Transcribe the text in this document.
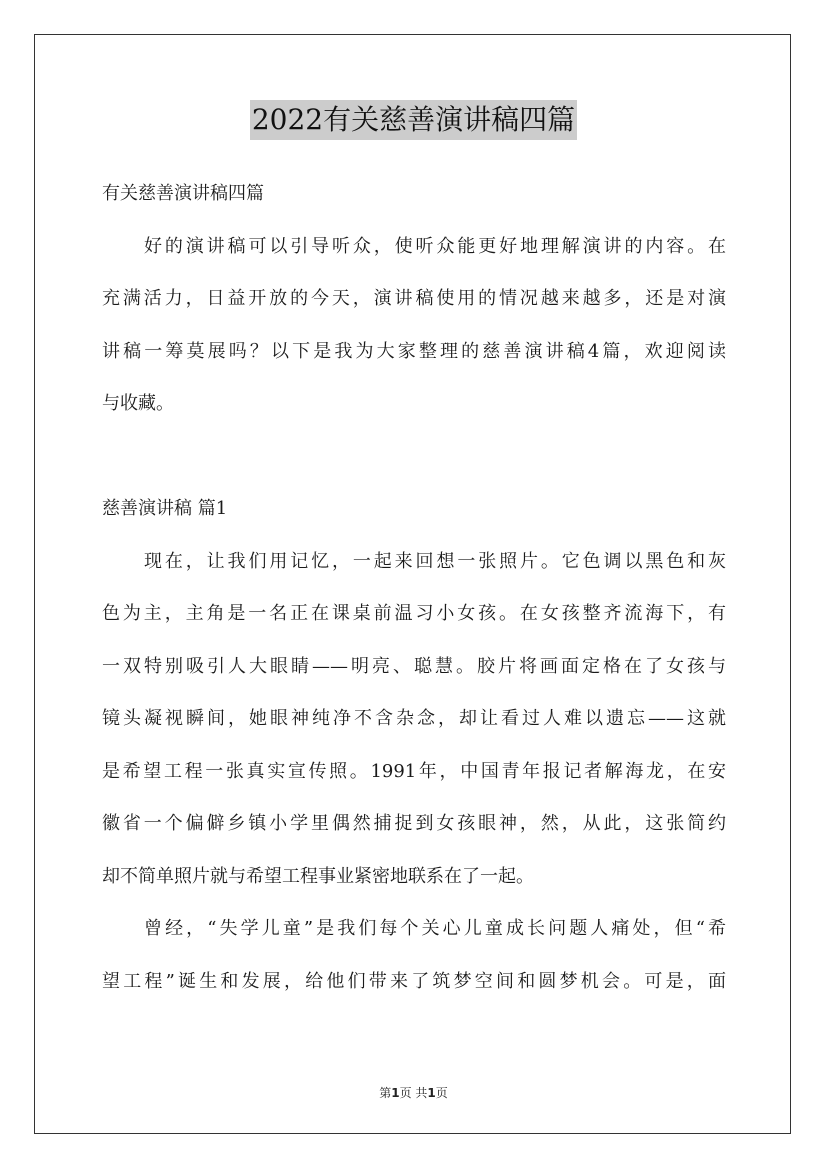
2022有关慈善演讲稿四篇
有关慈善演讲稿四篇
好的演讲稿可以引导听众，使听众能更好地理解演讲的内容。在
充满活力，日益开放的今天，演讲稿使用的情况越来越多，还是对演
讲稿一筹莫展吗？以下是我为大家整理的慈善演讲稿4篇，欢迎阅读
与收藏。
慈善演讲稿 篇1
现在，让我们用记忆，一起来回想一张照片。它色调以黑色和灰
色为主，主角是一名正在课桌前温习小女孩。在女孩整齐流海下，有
一双特别吸引人大眼睛——明亮、聪慧。胶片将画面定格在了女孩与
镜头凝视瞬间，她眼神纯净不含杂念，却让看过人难以遗忘——这就
是希望工程一张真实宣传照。1991年，中国青年报记者解海龙，在安
徽省一个偏僻乡镇小学里偶然捕捉到女孩眼神，然，从此，这张简约
却不简单照片就与希望工程事业紧密地联系在了一起。
曾经，“失学儿童”是我们每个关心儿童成长问题人痛处，但“希
望工程”诞生和发展，给他们带来了筑梦空间和圆梦机会。可是，面
第1页 共1页
